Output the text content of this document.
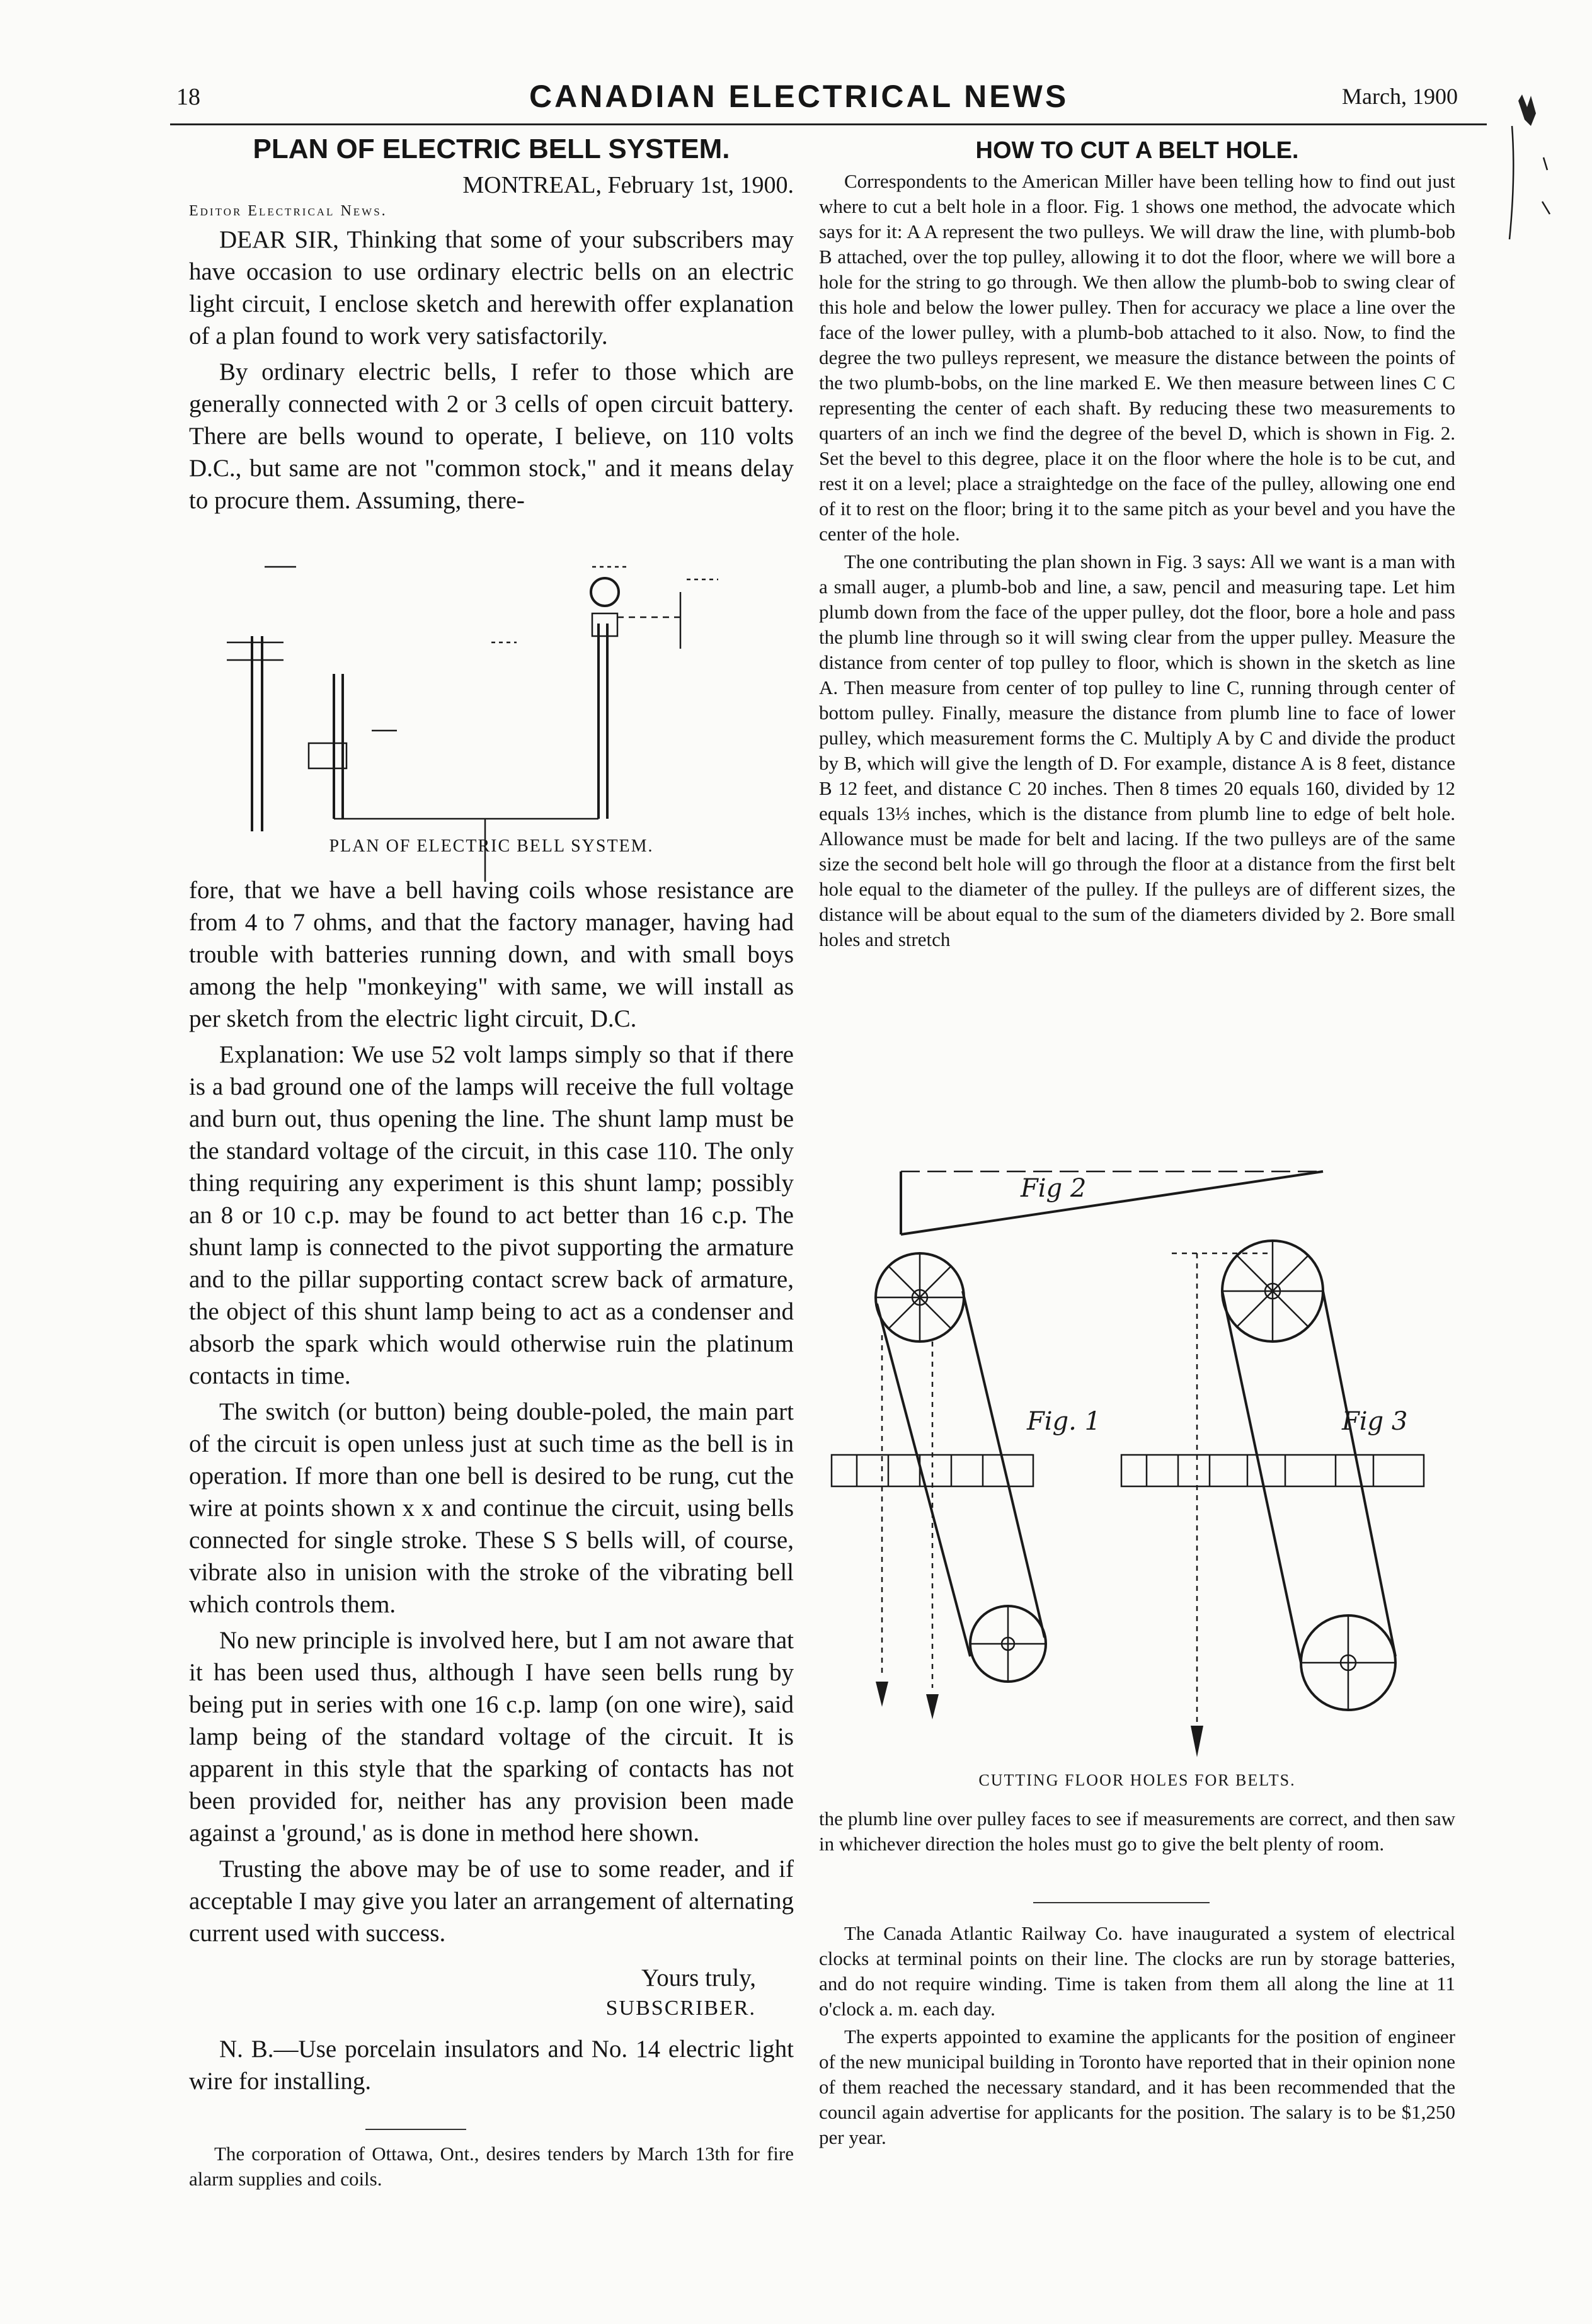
18	CANADIAN ELECTRICAL NEWS	March, 1900
PLAN OF ELECTRIC BELL SYSTEM.
MONTREAL, February 1st, 1900.
Editor Electrical News.

DEAR SIR, Thinking that some of your subscribers may have occasion to use ordinary electric bells on an electric light circuit, I enclose sketch and herewith offer explanation of a plan found to work very satisfactorily.

By ordinary electric bells, I refer to those which are generally connected with 2 or 3 cells of open circuit battery. There are bells wound to operate, I believe, on 110 volts D.C., but same are not "common stock," and it means delay to procure them. Assuming, there-

PLAN OF ELECTRIC BELL SYSTEM.

fore, that we have a bell having coils whose resistance are from 4 to 7 ohms, and that the factory manager, having had trouble with batteries running down, and with small boys among the help "monkeying" with same, we will install as per sketch from the electric light circuit, D.C.

Explanation: We use 52 volt lamps simply so that if there is a bad ground one of the lamps will receive the full voltage and burn out, thus opening the line. The shunt lamp must be the standard voltage of the circuit, in this case 110. The only thing requiring any experiment is this shunt lamp; possibly an 8 or 10 c.p. may be found to act better than 16 c.p. The shunt lamp is connected to the pivot supporting the armature and to the pillar supporting contact screw back of armature, the object of this shunt lamp being to act as a condenser and absorb the spark which would otherwise ruin the platinum contacts in time.

The switch (or button) being double-poled, the main part of the circuit is open unless just at such time as the bell is in operation. If more than one bell is desired to be rung, cut the wire at points shown x x and continue the circuit, using bells connected for single stroke. These S S bells will, of course, vibrate also in unision with the stroke of the vibrating bell which controls them.

No new principle is involved here, but I am not aware that it has been used thus, although I have seen bells rung by being put in series with one 16 c.p. lamp (on one wire), said lamp being of the standard voltage of the circuit. It is apparent in this style that the sparking of contacts has not been provided for, neither has any provision been made against a 'ground,' as is done in method here shown.

Trusting the above may be of use to some reader, and if acceptable I may give you later an arrangement of alternating current used with success.

Yours truly,
SUBSCRIBER.

N. B.—Use porcelain insulators and No. 14 electric light wire for installing.

The corporation of Ottawa, Ont., desires tenders by March 13th for fire alarm supplies and coils.

HOW TO CUT A BELT HOLE.

Correspondents to the American Miller have been telling how to find out just where to cut a belt hole in a floor. Fig. 1 shows one method, the advocate which says for it: A A represent the two pulleys. We will draw the line, with plumb-bob B attached, over the top pulley, allowing it to dot the floor, where we will bore a hole for the string to go through. We then allow the plumb-bob to swing clear of this hole and below the lower pulley. Then for accuracy we place a line over the face of the lower pulley, with a plumb-bob attached to it also. Now, to find the degree the two pulleys represent, we measure the distance between the points of the two plumb-bobs, on the line marked E. We then measure between lines C C representing the center of each shaft. By reducing these two measurements to quarters of an inch we find the degree of the bevel D, which is shown in Fig. 2. Set the bevel to this degree, place it on the floor where the hole is to be cut, and rest it on a level; place a straightedge on the face of the pulley, allowing one end of it to rest on the floor; bring it to the same pitch as your bevel and you have the center of the hole.

The one contributing the plan shown in Fig. 3 says: All we want is a man with a small auger, a plumb-bob and line, a saw, pencil and measuring tape. Let him plumb down from the face of the upper pulley, dot the floor, bore a hole and pass the plumb line through so it will swing clear from the upper pulley. Measure the distance from center of top pulley to floor, which is shown in the sketch as line A. Then measure from center of top pulley to line C, running through center of bottom pulley. Finally, measure the distance from plumb line to face of lower pulley, which measurement forms the C. Multiply A by C and divide the product by B, which will give the length of D. For example, distance A is 8 feet, distance B 12 feet, and distance C 20 inches. Then 8 times 20 equals 160, divided by 12 equals 13⅓ inches, which is the distance from plumb line to edge of belt hole. Allowance must be made for belt and lacing. If the two pulleys are of the same size the second belt hole will go through the floor at a distance from the first belt hole equal to the diameter of the pulley. If the pulleys are of different sizes, the distance will be about equal to the sum of the diameters divided by 2. Bore small holes and stretch

Fig 2
Fig. 1	Fig 3
CUTTING FLOOR HOLES FOR BELTS.

the plumb line over pulley faces to see if measurements are correct, and then saw in whichever direction the holes must go to give the belt plenty of room.

The Canada Atlantic Railway Co. have inaugurated a system of electrical clocks at terminal points on their line. The clocks are run by storage batteries, and do not require winding. Time is taken from them all along the line at 11 o'clock a. m. each day.

The experts appointed to examine the applicants for the position of engineer of the new municipal building in Toronto have reported that in their opinion none of them reached the necessary standard, and it has been recommended that the council again advertise for applicants for the position. The salary is to be $1,250 per year.
